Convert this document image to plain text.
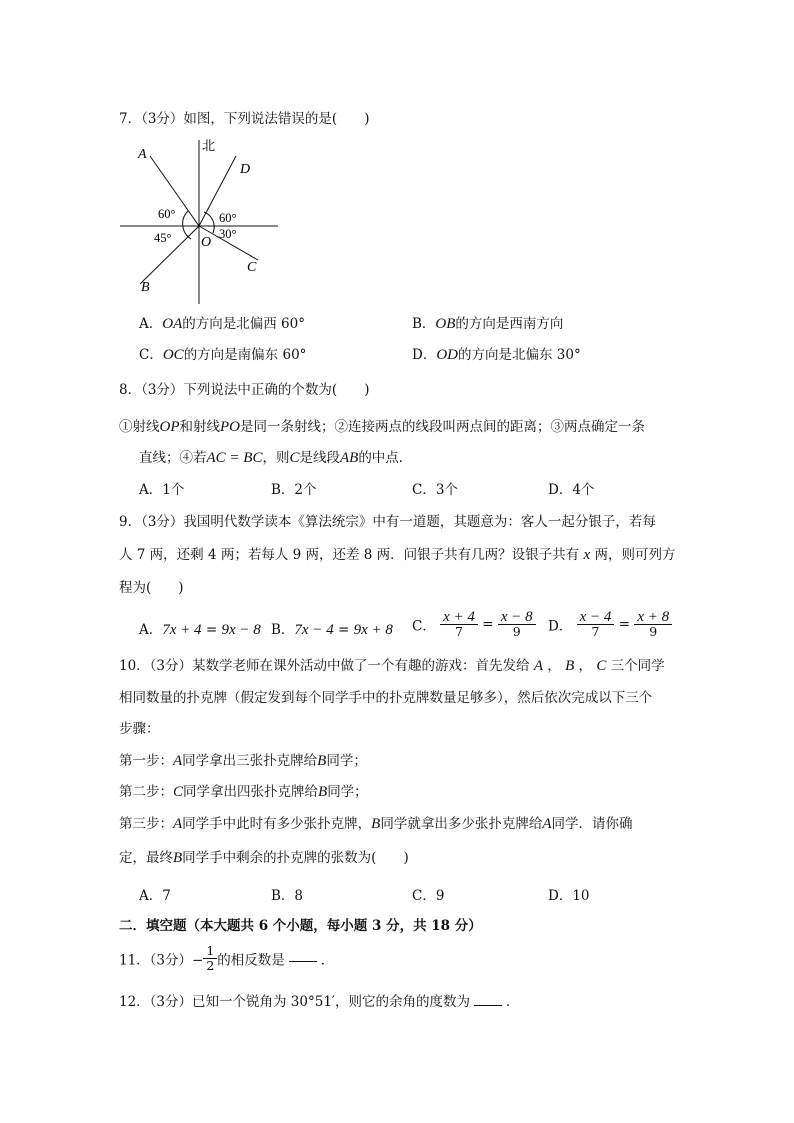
7．（3分）如图，下列说法错误的是(　　)
北
A
D
C
B
O
60°
45°
60°
30°
A．OA的方向是北偏西 60°	B．OB的方向是西南方向
C．OC的方向是南偏东 60°	D．OD的方向是北偏东 30°
8．（3分）下列说法中正确的个数为(　　)
①射线OP和射线PO是同一条射线；②连接两点的线段叫两点间的距离；③两点确定一条
直线；④若AC = BC，则C是线段AB的中点．
A．1个	B．2个	C．3个	D．4个
9．（3分）我国明代数学读本《算法统宗》中有一道题，其题意为：客人一起分银子，若每
人 7 两，还剩 4 两；若每人 9 两，还差 8 两．问银子共有几两？设银子共有 x 两，则可列方
程为(　　)
A．7x + 4 = 9x − 8 B．7x − 4 = 9x + 8 C． $\frac{x + 4}{7} = \frac{x - 8}{9}$ D． $\frac{x - 4}{7} = \frac{x + 8}{9}$
10．（3分）某数学老师在课外活动中做了一个有趣的游戏：首先发给 A ， B ， C 三个同学
相同数量的扑克牌（假定发到每个同学手中的扑克牌数量足够多），然后依次完成以下三个
步骤：
第一步：A同学拿出三张扑克牌给B同学；
第二步：C同学拿出四张扑克牌给B同学；
第三步：A同学手中此时有多少张扑克牌，B同学就拿出多少张扑克牌给A同学．请你确
定，最终B同学手中剩余的扑克牌的张数为(　　)
A．7	B．8	C．9	D．10
二．填空题（本大题共 6 个小题，每小题 3 分，共 18 分）
11．（3分）− $\frac{1}{2}$ 的相反数是	．
12．（3分）已知一个锐角为 30°51′，则它的余角的度数为	．
